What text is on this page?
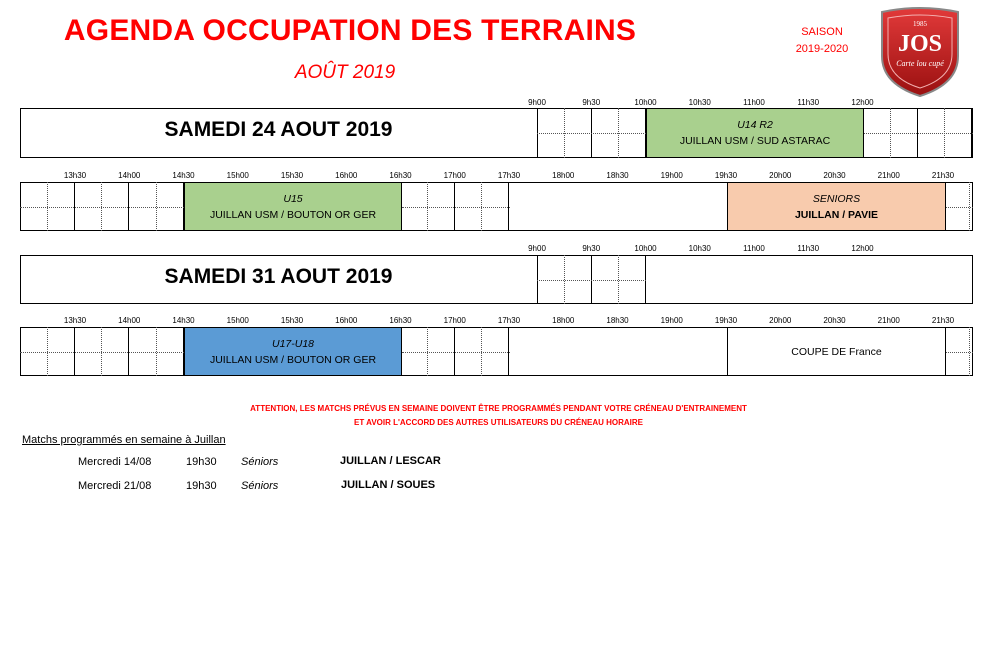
AGENDA OCCUPATION DES TERRAINS
AOÛT 2019
SAISON
2019-2020
1985
JOS
Carte lou cupé
9h00	9h30	10h00	10h30	11h00	11h30	12h00
SAMEDI 24 AOUT 2019	U14 R2
JUILLAN USM / SUD ASTARAC
13h30	14h00	14h30	15h00	15h30	16h00	16h30	17h00	17h30	18h00	18h30	19h00	19h30	20h00	20h30	21h00	21h30
U15
JUILLAN USM / BOUTON OR GER
SENIORS
JUILLAN / PAVIE
9h00	9h30	10h00	10h30	11h00	11h30	12h00
SAMEDI 31 AOUT 2019
13h30	14h00	14h30	15h00	15h30	16h00	16h30	17h00	17h30	18h00	18h30	19h00	19h30	20h00	20h30	21h00	21h30
U17-U18
JUILLAN USM / BOUTON OR GER
COUPE DE France
ATTENTION, LES MATCHS PRÉVUS EN SEMAINE DOIVENT ÊTRE PROGRAMMÉS PENDANT VOTRE CRÉNEAU D'ENTRAINEMENT
ET AVOIR L'ACCORD DES AUTRES UTILISATEURS DU CRÉNEAU HORAIRE
Matchs programmés en semaine à Juillan
Mercredi 14/08	19h30 Séniors	JUILLAN / LESCAR
Mercredi 21/08	19h30 Séniors	JUILLAN / SOUES
